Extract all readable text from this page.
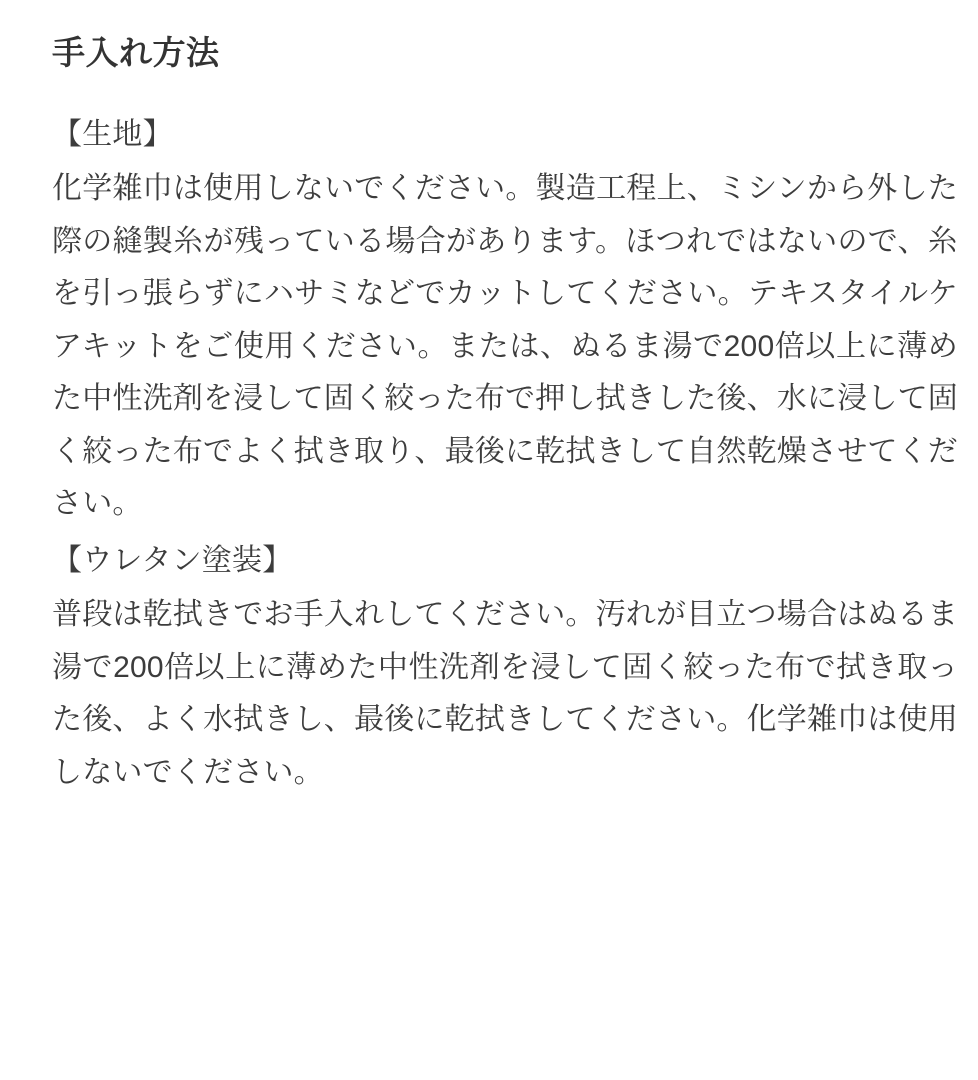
手入れ方法
【生地】

化学雑巾は使用しないでください。製造工程上、ミシンから外した際の縫製糸が残っている場合があります。ほつれではないので、糸を引っ張らずにハサミなどでカットしてください。テキスタイルケアキットをご使用ください。または、ぬるま湯で200倍以上に薄めた中性洗剤を浸して固く絞った布で押し拭きした後、水に浸して固く絞った布でよく拭き取り、最後に乾拭きして自然乾燥させてください。

【ウレタン塗装】

普段は乾拭きでお手入れしてください。汚れが目立つ場合はぬるま湯で200倍以上に薄めた中性洗剤を浸して固く絞った布で拭き取った後、よく水拭きし、最後に乾拭きしてください。化学雑巾は使用しないでください。
